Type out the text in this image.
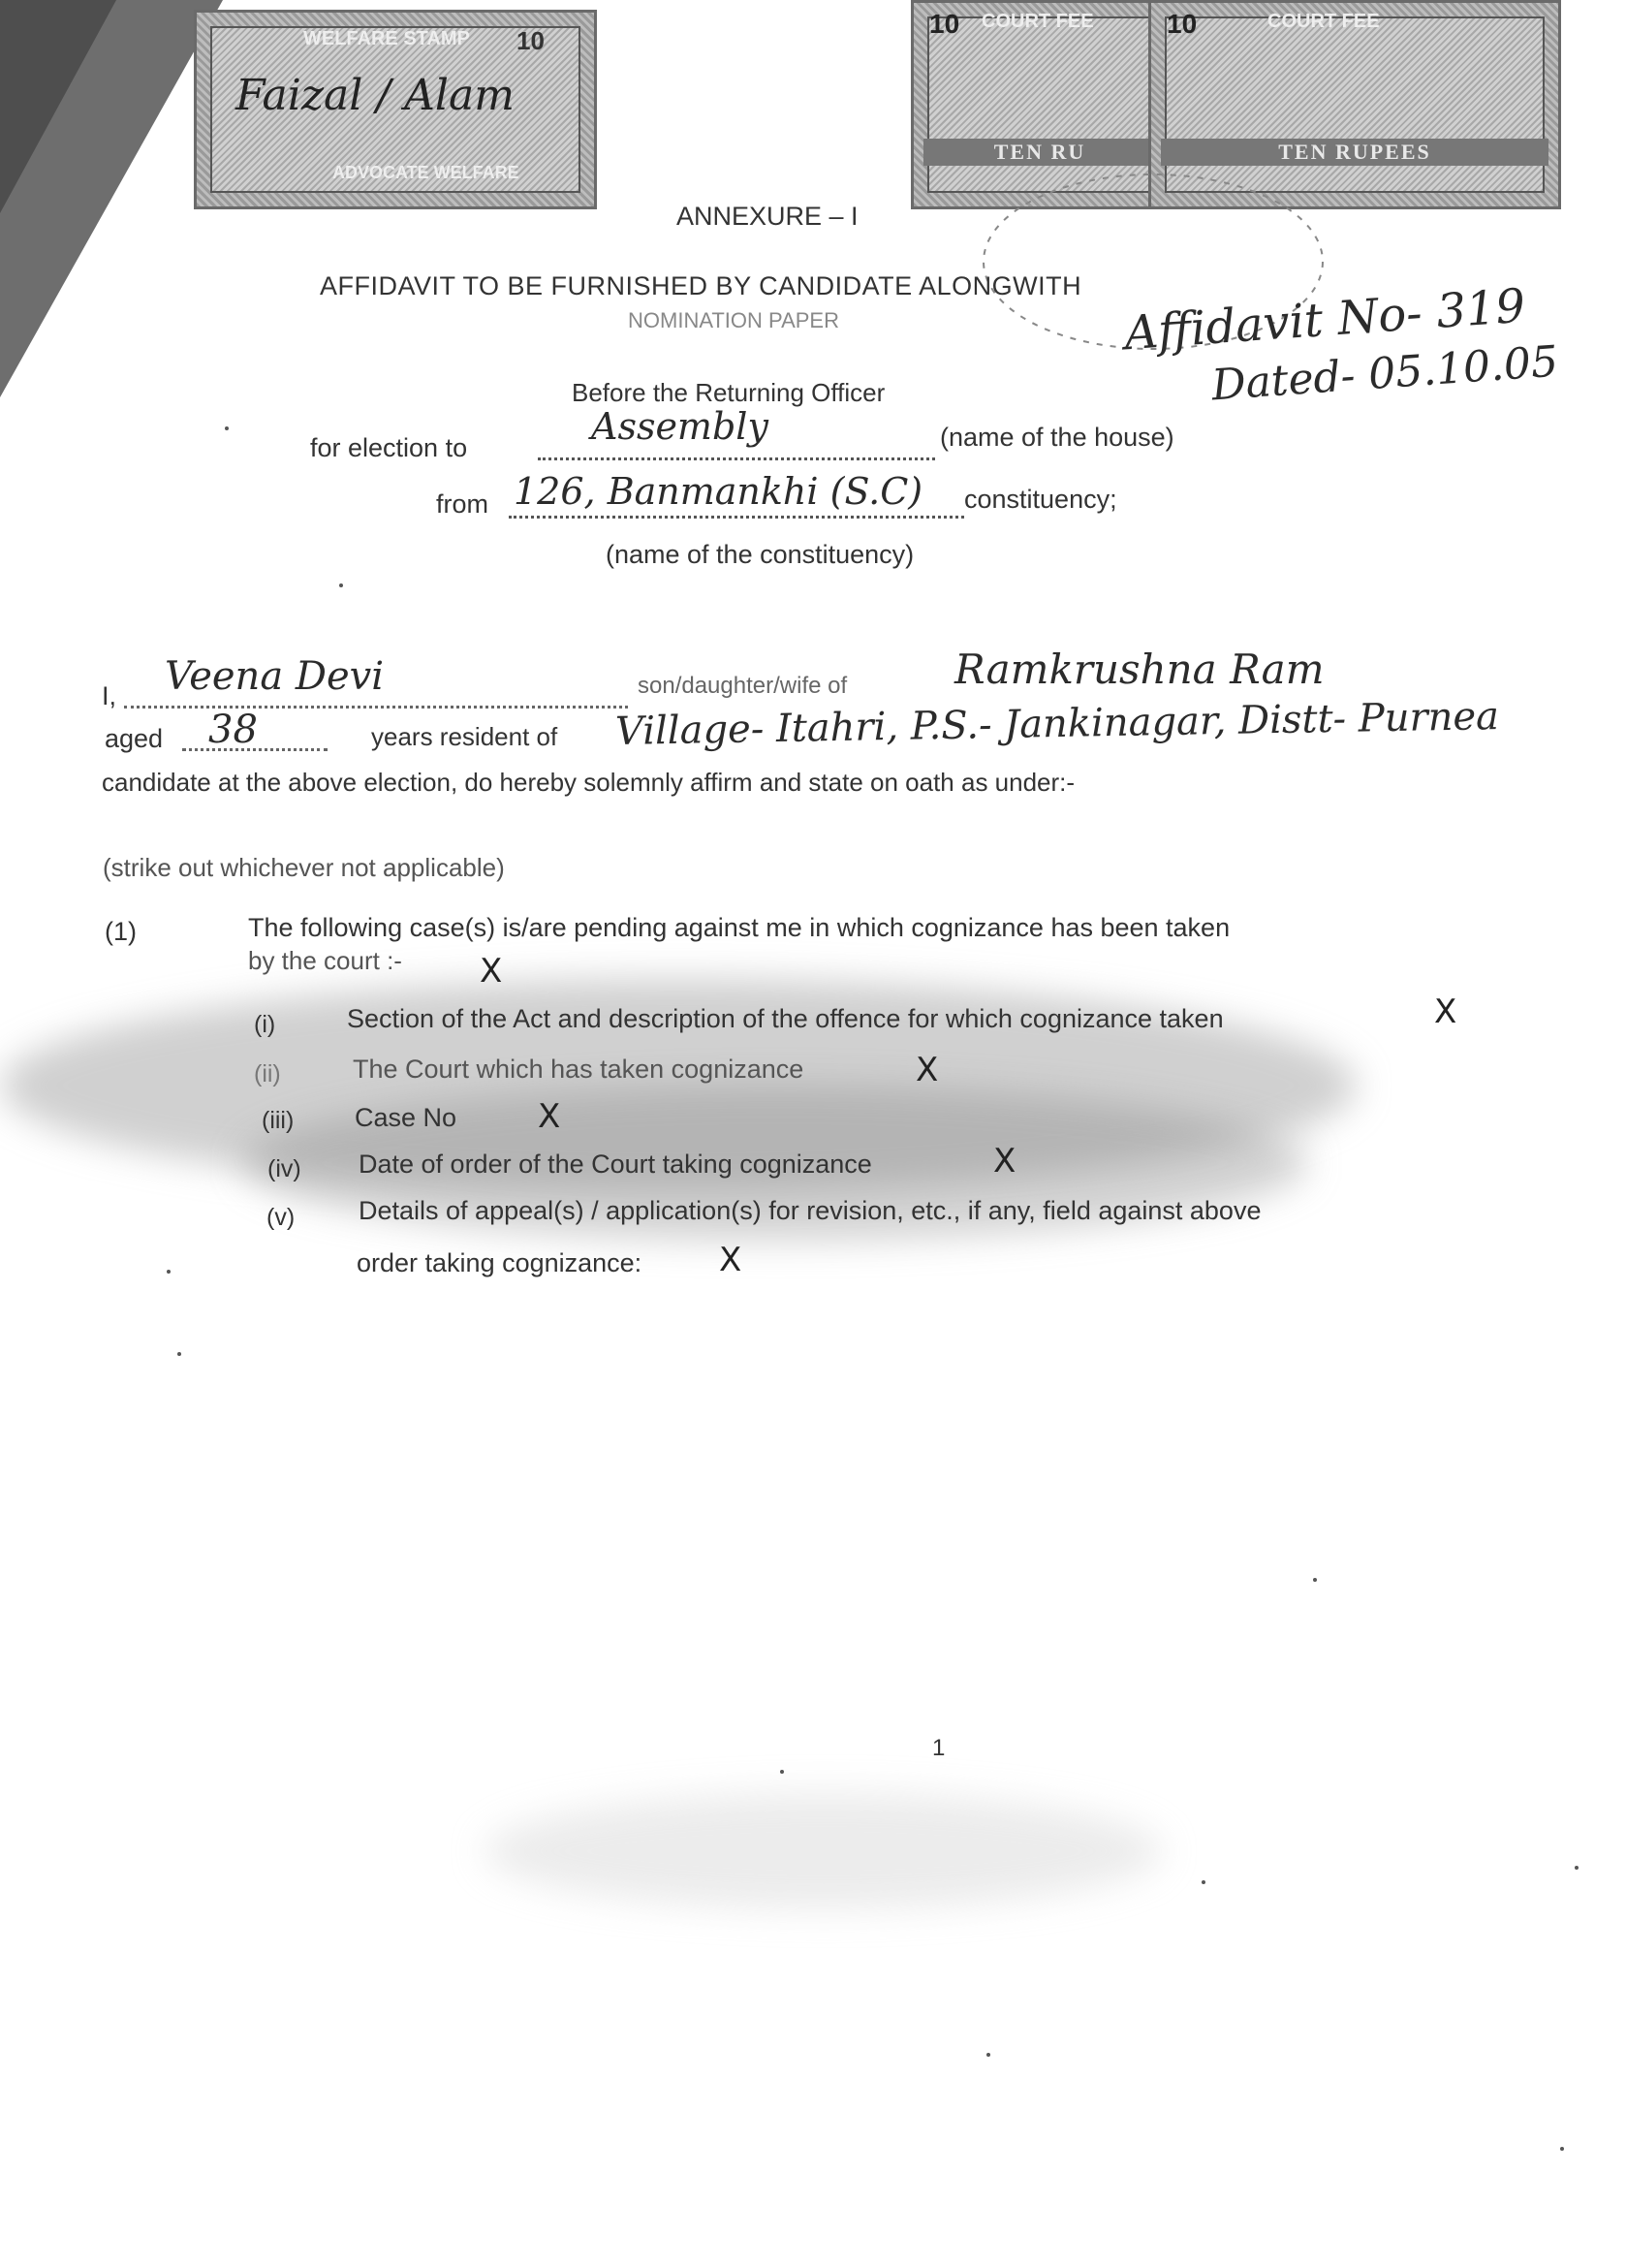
WELFARE STAMP 10
Faizal / Alam
ADVOCATE WELFARE
10 COURT FEE
TEN RU
10	COURT FEE
TEN RUPEES
ANNEXURE – I
AFFIDAVIT TO BE FURNISHED BY CANDIDATE ALONGWITH
NOMINATION PAPER	Affidavit No- 319
Dated- 05.10.05
Before the Returning Officer
for election to	Assembly	(name of the house)
from 126, Banmankhi (S.C) constituency;
(name of the constituency)
I, Veena Devi	son/daughter/wife of	Ramkrushna Ram
aged 38	years resident of Village- Itahri, P.S.- Jankinagar, Distt- Purnea
candidate at the above election, do hereby solemnly affirm and state on oath as under:-
(strike out whichever not applicable)
(1)	The following case(s) is/are pending against me in which cognizance has been taken
by the court :- X
(i)	Section of the Act and description of the offence for which cognizance taken	X
(ii)	The Court which has taken cognizance	X
(iii) Case No X
(iv) Date of order of the Court taking cognizance	X
(v) Details of appeal(s) / application(s) for revision, etc., if any, field against above
order taking cognizance: X
1
